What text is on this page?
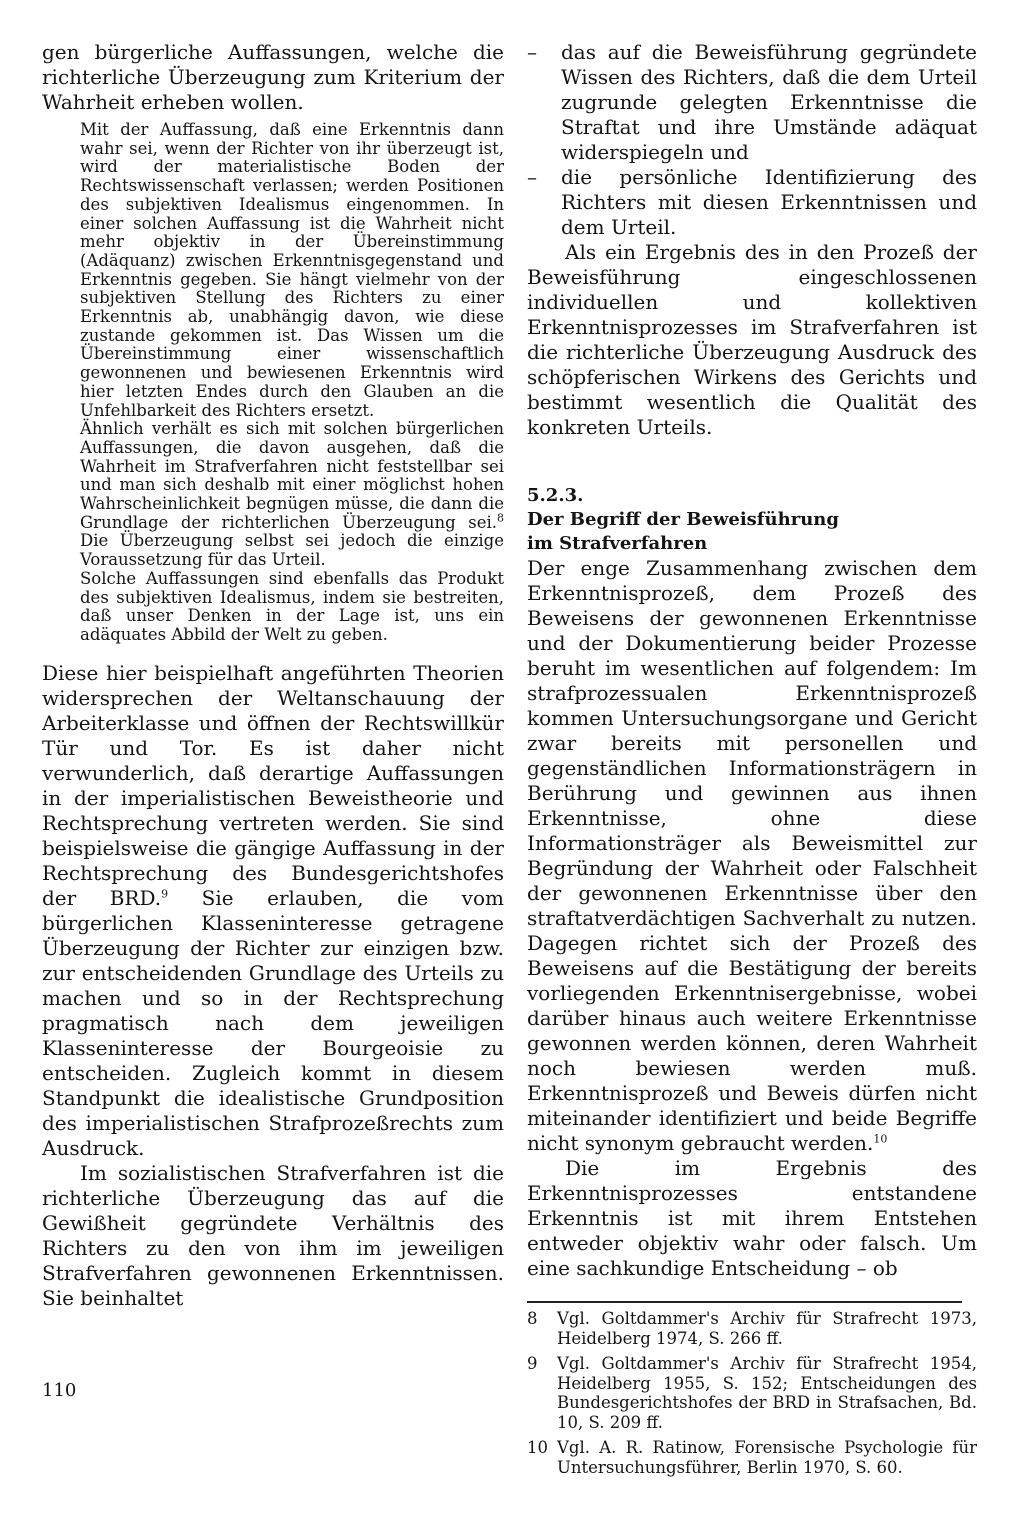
gen bürgerliche Auffassungen, welche die richterliche Überzeugung zum Kriterium der Wahrheit erheben wollen.

Mit der Auffassung, daß eine Erkenntnis dann wahr sei, wenn der Richter von ihr überzeugt ist, wird der materialistische Boden der Rechtswissenschaft verlassen; werden Positionen des subjektiven Idealismus eingenommen. In einer solchen Auffassung ist die Wahrheit nicht mehr objektiv in der Übereinstimmung (Adäquanz) zwischen Erkenntnisgegenstand und Erkenntnis gegeben. Sie hängt vielmehr von der subjektiven Stellung des Richters zu einer Erkenntnis ab, unabhängig davon, wie diese zustande gekommen ist. Das Wissen um die Übereinstimmung einer wissenschaftlich gewonnenen und bewiesenen Erkenntnis wird hier letzten Endes durch den Glauben an die Unfehlbarkeit des Richters ersetzt.

Ähnlich verhält es sich mit solchen bürgerlichen Auffassungen, die davon ausgehen, daß die Wahrheit im Strafverfahren nicht feststellbar sei und man sich deshalb mit einer möglichst hohen Wahrscheinlichkeit begnügen müsse, die dann die Grundlage der richterlichen Überzeugung sei.$^8$ Die Überzeugung selbst sei jedoch die einzige Voraussetzung für das Urteil.

Solche Auffassungen sind ebenfalls das Produkt des subjektiven Idealismus, indem sie bestreiten, daß unser Denken in der Lage ist, uns ein adäquates Abbild der Welt zu geben.

Diese hier beispielhaft angeführten Theorien widersprechen der Weltanschauung der Arbeiterklasse und öffnen der Rechtswillkür Tür und Tor. Es ist daher nicht verwunderlich, daß derartige Auffassungen in der imperialistischen Beweistheorie und Rechtsprechung vertreten werden. Sie sind beispielsweise die gängige Auffassung in der Rechtsprechung des Bundesgerichtshofes der BRD.$^9$ Sie erlauben, die vom bürgerlichen Klasseninteresse getragene Überzeugung der Richter zur einzigen bzw. zur entscheidenden Grundlage des Urteils zu machen und so in der Rechtsprechung pragmatisch nach dem jeweiligen Klasseninteresse der Bourgeoisie zu entscheiden. Zugleich kommt in diesem Standpunkt die idealistische Grundposition des imperialistischen Strafprozeßrechts zum Ausdruck.

Im sozialistischen Strafverfahren ist die richterliche Überzeugung das auf die Gewißheit gegründete Verhältnis des Richters zu den von ihm im jeweiligen Strafverfahren gewonnenen Erkenntnissen. Sie beinhaltet

–	das auf die Beweisführung gegründete Wissen des Richters, daß die dem Urteil zugrunde gelegten Erkenntnisse die Straftat und ihre Umstände adäquat widerspiegeln und
–	die persönliche Identifizierung des Richters mit diesen Erkenntnissen und dem Urteil.

Als ein Ergebnis des in den Prozeß der Beweisführung eingeschlossenen individuellen und kollektiven Erkenntnisprozesses im Strafverfahren ist die richterliche Überzeugung Ausdruck des schöpferischen Wirkens des Gerichts und bestimmt wesentlich die Qualität des konkreten Urteils.

5.2.3.
Der Begriff der Beweisführung
im Strafverfahren

Der enge Zusammenhang zwischen dem Erkenntnisprozeß, dem Prozeß des Beweisens der gewonnenen Erkenntnisse und der Dokumentierung beider Prozesse beruht im wesentlichen auf folgendem: Im strafprozessualen Erkenntnisprozeß kommen Untersuchungsorgane und Gericht zwar bereits mit personellen und gegenständlichen Informationsträgern in Berührung und gewinnen aus ihnen Erkenntnisse, ohne diese Informationsträger als Beweismittel zur Begründung der Wahrheit oder Falschheit der gewonnenen Erkenntnisse über den straftatverdächtigen Sachverhalt zu nutzen. Dagegen richtet sich der Prozeß des Beweisens auf die Bestätigung der bereits vorliegenden Erkenntnisergebnisse, wobei darüber hinaus auch weitere Erkenntnisse gewonnen werden können, deren Wahrheit noch bewiesen werden muß. Erkenntnisprozeß und Beweis dürfen nicht miteinander identifiziert und beide Begriffe nicht synonym gebraucht werden.$^{10}$

Die im Ergebnis des Erkenntnisprozesses entstandene Erkenntnis ist mit ihrem Entstehen entweder objektiv wahr oder falsch. Um eine sachkundige Entscheidung – ob

8	Vgl. Goltdammer's Archiv für Strafrecht 1973, Heidelberg 1974, S. 266 ff.
9	Vgl. Goltdammer's Archiv für Strafrecht 1954, Heidelberg 1955, S. 152; Entscheidungen des Bundesgerichtshofes der BRD in Strafsachen, Bd. 10, S. 209 ff.
10 Vgl. A. R. Ratinow, Forensische Psychologie für Untersuchungsführer, Berlin 1970, S. 60.
110
